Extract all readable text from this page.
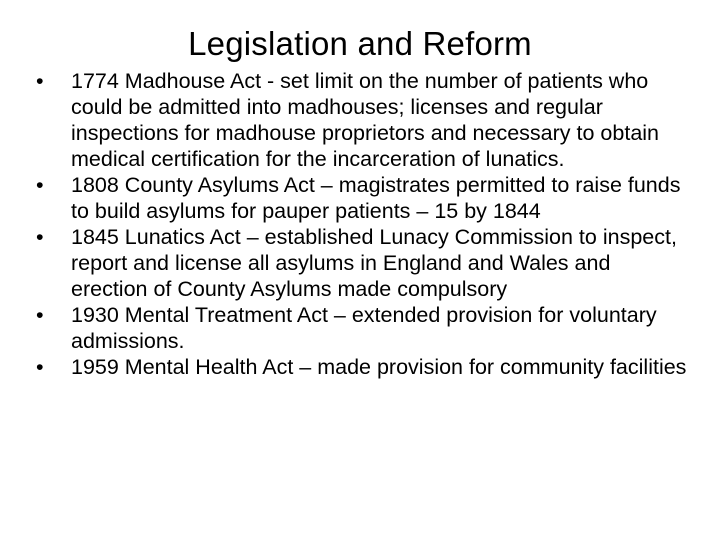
Legislation and Reform
•	1774 Madhouse Act - set limit on the number of patients who could be admitted into madhouses; licenses and regular inspections for madhouse proprietors and necessary to obtain medical certification for the incarceration of lunatics.
•	1808 County Asylums Act – magistrates permitted to raise funds to build asylums for pauper patients – 15 by 1844
•	1845 Lunatics Act – established Lunacy Commission to inspect, report and license all asylums in England and Wales and erection of County Asylums made compulsory
•	1930 Mental Treatment Act – extended provision for voluntary admissions.
•	1959 Mental Health Act – made provision for community facilities
